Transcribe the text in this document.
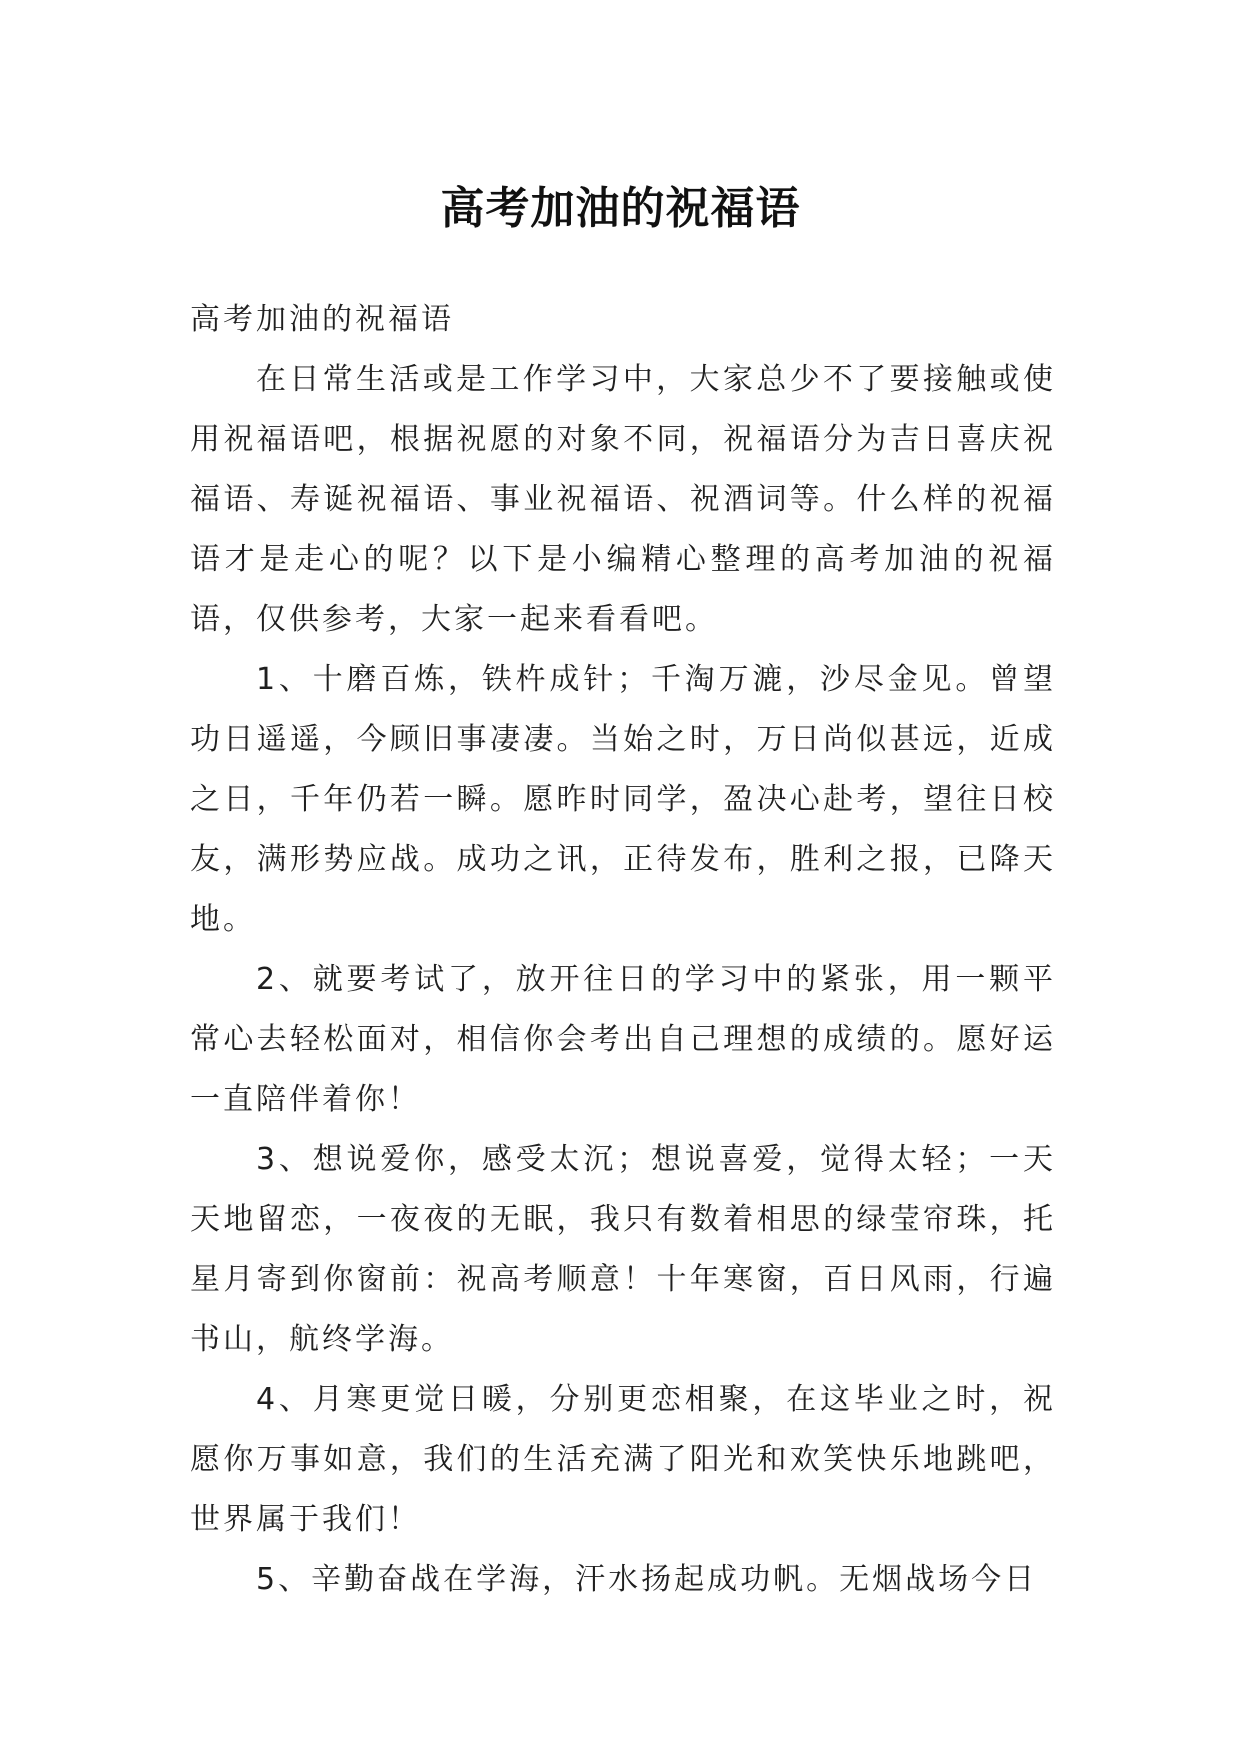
高考加油的祝福语

高考加油的祝福语

在日常生活或是工作学习中，大家总少不了要接触或使用祝福语吧，根据祝愿的对象不同，祝福语分为吉日喜庆祝福语、寿诞祝福语、事业祝福语、祝酒词等。什么样的祝福语才是走心的呢？以下是小编精心整理的高考加油的祝福语，仅供参考，大家一起来看看吧。

1、十磨百炼，铁杵成针；千淘万漉，沙尽金见。曾望功日遥遥，今顾旧事凄凄。当始之时，万日尚似甚远，近成之日，千年仍若一瞬。愿昨时同学，盈决心赴考，望往日校友，满形势应战。成功之讯，正待发布，胜利之报，已降天地。

2、就要考试了，放开往日的学习中的紧张，用一颗平常心去轻松面对，相信你会考出自己理想的成绩的。愿好运一直陪伴着你！

3、想说爱你，感受太沉；想说喜爱，觉得太轻；一天天地留恋，一夜夜的无眠，我只有数着相思的绿莹帘珠，托星月寄到你窗前：祝高考顺意！十年寒窗，百日风雨，行遍书山，航终学海。

4、月寒更觉日暖，分别更恋相聚，在这毕业之时，祝愿你万事如意，我们的生活充满了阳光和欢笑快乐地跳吧，世界属于我们！

5、辛勤奋战在学海，汗水扬起成功帆。无烟战场今日
